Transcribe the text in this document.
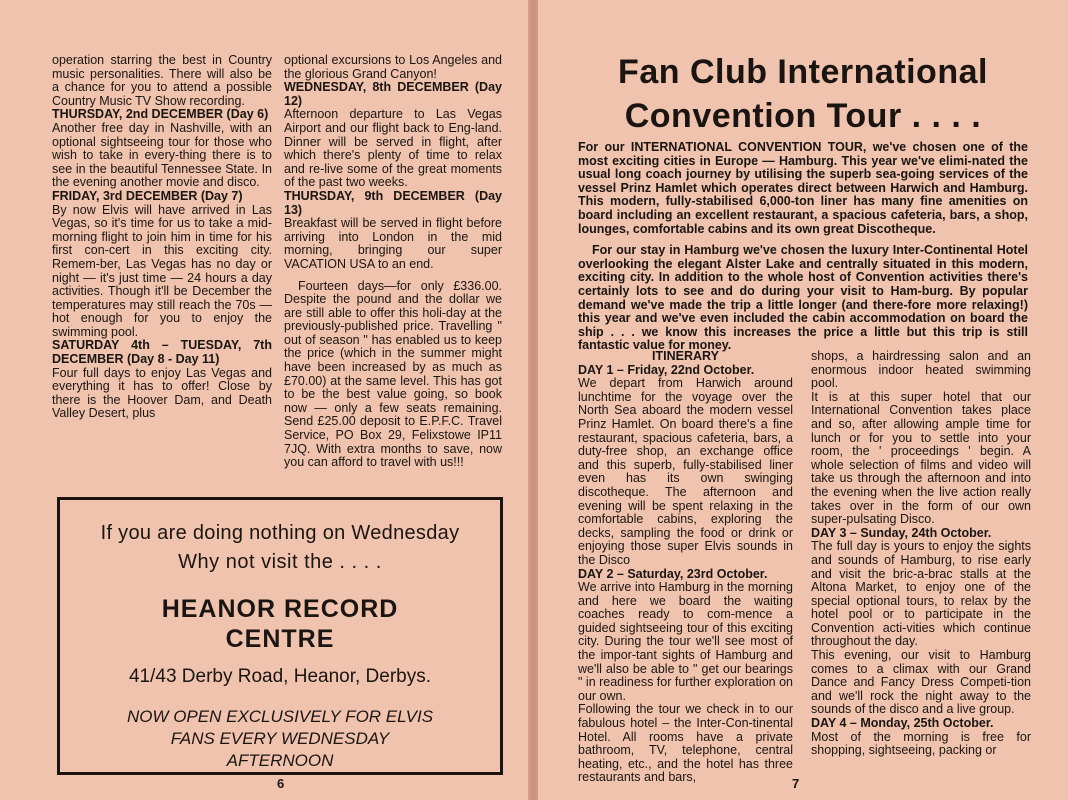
operation starring the best in Country music personalities. There will also be a chance for you to attend a possible Country Music TV Show recording.

THURSDAY, 2nd DECEMBER (Day 6)

Another free day in Nashville, with an optional sightseeing tour for those who wish to take in every-thing there is to see in the beautiful Tennessee State. In the evening another movie and disco.

FRIDAY, 3rd DECEMBER (Day 7)

By now Elvis will have arrived in Las Vegas, so it's time for us to take a mid-morning flight to join him in time for his first con-cert in this exciting city. Remem-ber, Las Vegas has no day or night — it's just time — 24 hours a day activities. Though it'll be December the temperatures may still reach the 70s — hot enough for you to enjoy the swimming pool.

SATURDAY 4th – TUESDAY, 7th DECEMBER (Day 8 - Day 11)

Four full days to enjoy Las Vegas and everything it has to offer! Close by there is the Hoover Dam, and Death Valley Desert, plus

optional excursions to Los Angeles and the glorious Grand Canyon!

WEDNESDAY, 8th DECEMBER (Day 12)

Afternoon departure to Las Vegas Airport and our flight back to Eng-land. Dinner will be served in flight, after which there's plenty of time to relax and re-live some of the great moments of the past two weeks.

THURSDAY, 9th DECEMBER (Day 13)

Breakfast will be served in flight before arriving into London in the mid morning, bringing our super VACATION USA to an end.

Fourteen days—for only £336.00. Despite the pound and the dollar we are still able to offer this holi-day at the previously-published price. Travelling " out of season " has enabled us to keep the price (which in the summer might have been increased by as much as £70.00) at the same level. This has got to be the best value going, so book now — only a few seats remaining. Send £25.00 deposit to E.P.F.C. Travel Service, PO Box 29, Felixstowe IP11 7JQ. With extra months to save, now you can afford to travel with us!!!

If you are doing nothing on Wednesday
Why not visit the . . . .
HEANOR RECORD
CENTRE
41/43 Derby Road, Heanor, Derbys.
NOW OPEN EXCLUSIVELY FOR ELVIS
FANS EVERY WEDNESDAY
AFTERNOON
6
Fan Club International
Convention Tour . . . .

For our INTERNATIONAL CONVENTION TOUR, we've chosen one of the most exciting cities in Europe — Hamburg. This year we've elimi-nated the usual long coach journey by utilising the superb sea-going services of the vessel Prinz Hamlet which operates direct between Harwich and Hamburg. This modern, fully-stabilised 6,000-ton liner has many fine amenities on board including an excellent restaurant, a spacious cafeteria, bars, a shop, lounges, comfortable cabins and its own great Discotheque.

For our stay in Hamburg we've chosen the luxury Inter-Continental Hotel overlooking the elegant Alster Lake and centrally situated in this modern, exciting city. In addition to the whole host of Convention activities there's certainly lots to see and do during your visit to Ham-burg. By popular demand we've made the trip a little longer (and there-fore more relaxing!) this year and we've even included the cabin accommodation on board the ship . . . we know this increases the price a little but this trip is still fantastic value for money.

ITINERARY

DAY 1 – Friday, 22nd October.

We depart from Harwich around lunchtime for the voyage over the North Sea aboard the modern vessel Prinz Hamlet. On board there's a fine restaurant, spacious cafeteria, bars, a duty-free shop, an exchange office and this superb, fully-stabilised liner even has its own swinging discotheque. The afternoon and evening will be spent relaxing in the comfortable cabins, exploring the decks, sampling the food or drink or enjoying those super Elvis sounds in the Disco

DAY 2 – Saturday, 23rd October.

We arrive into Hamburg in the morning and here we board the waiting coaches ready to com-mence a guided sightseeing tour of this exciting city. During the tour we'll see most of the impor-tant sights of Hamburg and we'll also be able to " get our bearings " in readiness for further exploration on our own.

Following the tour we check in to our fabulous hotel – the Inter-Con-tinental Hotel. All rooms have a private bathroom, TV, telephone, central heating, etc., and the hotel has three restaurants and bars,

shops, a hairdressing salon and an enormous indoor heated swimming pool.

It is at this super hotel that our International Convention takes place and so, after allowing ample time for lunch or for you to settle into your room, the ' proceedings ' begin. A whole selection of films and video will take us through the afternoon and into the evening when the live action really takes over in the form of our own super-pulsating Disco.

DAY 3 – Sunday, 24th October.

The full day is yours to enjoy the sights and sounds of Hamburg, to rise early and visit the bric-a-brac stalls at the Altona Market, to enjoy one of the special optional tours, to relax by the hotel pool or to participate in the Convention acti-vities which continue throughout the day.

This evening, our visit to Hamburg comes to a climax with our Grand Dance and Fancy Dress Competi-tion and we'll rock the night away to the sounds of the disco and a live group.

DAY 4 – Monday, 25th October.

Most of the morning is free for shopping, sightseeing, packing or

7
